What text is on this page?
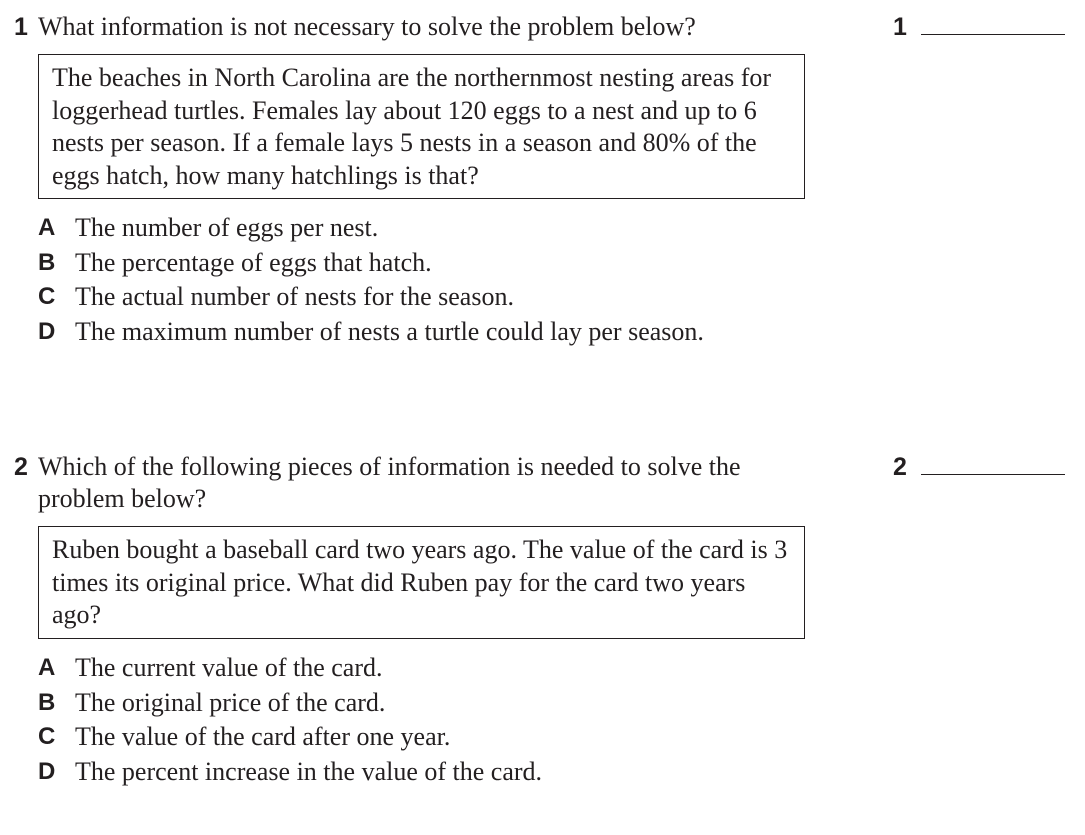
1 What information is not necessary to solve the problem below?	1
The beaches in North Carolina are the northernmost nesting areas for loggerhead turtles. Females lay about 120 eggs to a nest and up to 6 nests per season. If a female lays 5 nests in a season and 80% of the eggs hatch, how many hatchlings is that?
A The number of eggs per nest.
B The percentage of eggs that hatch.
C The actual number of nests for the season.
D The maximum number of nests a turtle could lay per season.
2 Which of the following pieces of information is needed to solve the problem below?
2
Ruben bought a baseball card two years ago. The value of the card is 3 times its original price. What did Ruben pay for the card two years ago?
A The current value of the card.
B The original price of the card.
C The value of the card after one year.
D The percent increase in the value of the card.
